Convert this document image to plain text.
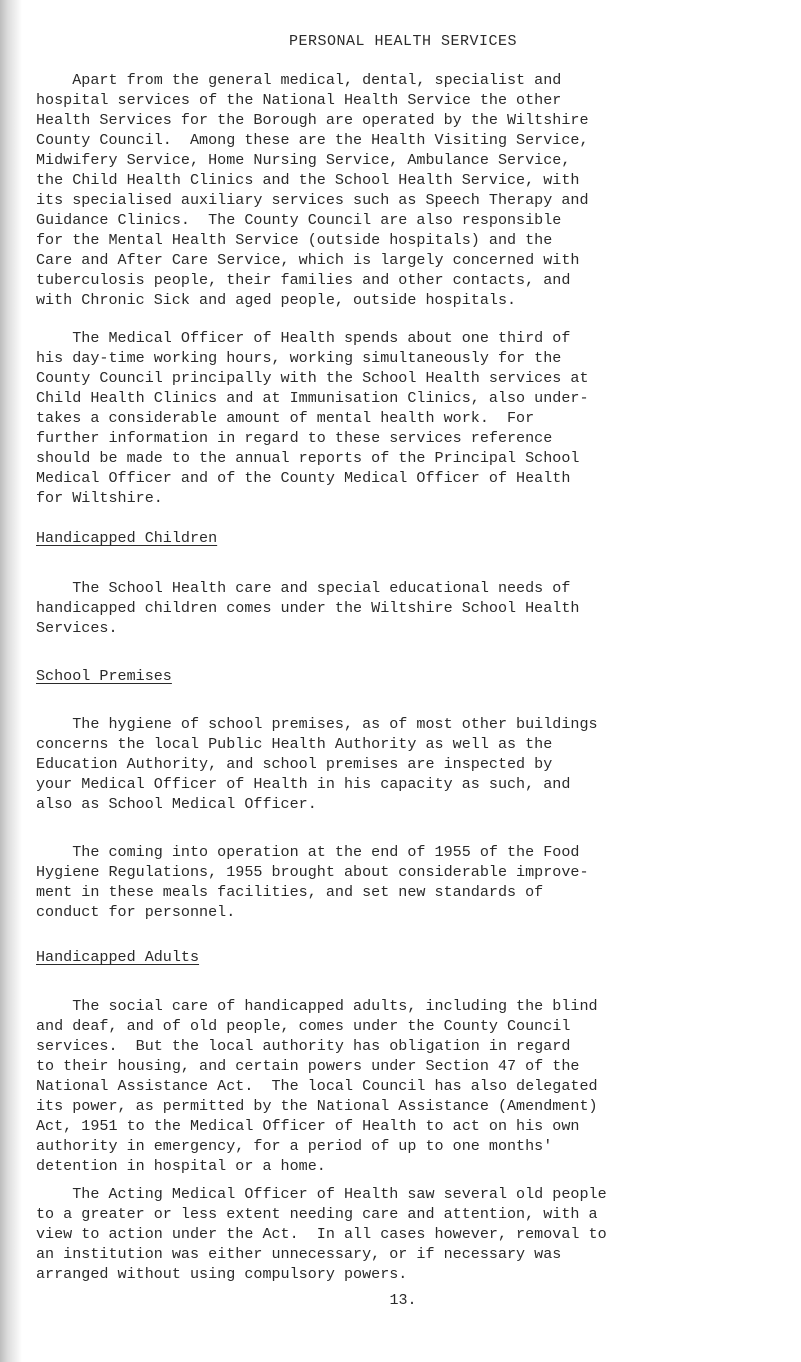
PERSONAL HEALTH SERVICES

Apart from the general medical, dental, specialist and
hospital services of the National Health Service the other
Health Services for the Borough are operated by the Wiltshire
County Council.  Among these are the Health Visiting Service,
Midwifery Service, Home Nursing Service, Ambulance Service,
the Child Health Clinics and the School Health Service, with
its specialised auxiliary services such as Speech Therapy and
Guidance Clinics.  The County Council are also responsible
for the Mental Health Service (outside hospitals) and the
Care and After Care Service, which is largely concerned with
tuberculosis people, their families and other contacts, and
with Chronic Sick and aged people, outside hospitals.

The Medical Officer of Health spends about one third of
his day-time working hours, working simultaneously for the
County Council principally with the School Health services at
Child Health Clinics and at Immunisation Clinics, also under-
takes a considerable amount of mental health work.  For
further information in regard to these services reference
should be made to the annual reports of the Principal School
Medical Officer and of the County Medical Officer of Health
for Wiltshire.

Handicapped Children

The School Health care and special educational needs of
handicapped children comes under the Wiltshire School Health
Services.

School Premises

The hygiene of school premises, as of most other buildings
concerns the local Public Health Authority as well as the
Education Authority, and school premises are inspected by
your Medical Officer of Health in his capacity as such, and
also as School Medical Officer.

The coming into operation at the end of 1955 of the Food
Hygiene Regulations, 1955 brought about considerable improve-
ment in these meals facilities, and set new standards of
conduct for personnel.

Handicapped Adults

The social care of handicapped adults, including the blind
and deaf, and of old people, comes under the County Council
services.  But the local authority has obligation in regard
to their housing, and certain powers under Section 47 of the
National Assistance Act.  The local Council has also delegated
its power, as permitted by the National Assistance (Amendment)
Act, 1951 to the Medical Officer of Health to act on his own
authority in emergency, for a period of up to one months'
detention in hospital or a home.

The Acting Medical Officer of Health saw several old people
to a greater or less extent needing care and attention, with a
view to action under the Act.  In all cases however, removal to
an institution was either unnecessary, or if necessary was
arranged without using compulsory powers.

13.
